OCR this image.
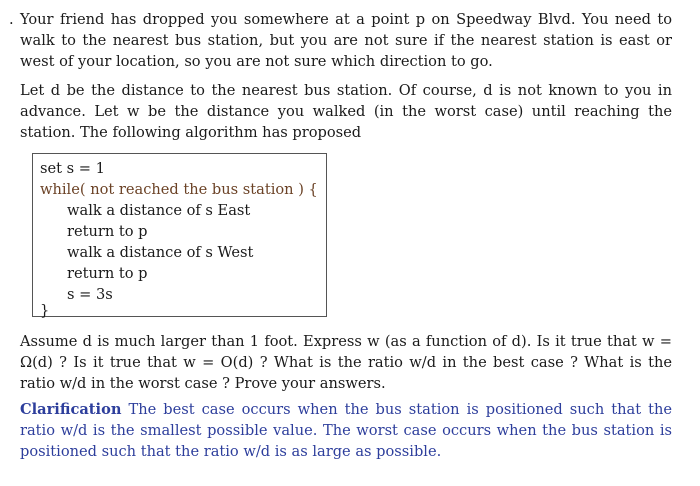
. Your friend has dropped you somewhere at a point p on Speedway Blvd. You need to walk to the nearest bus station, but you are not sure if the nearest station is east or west of your location, so you are not sure which direction to go.

Let d be the distance to the nearest bus station. Of course, d is not known to you in advance. Let w be the distance you walked (in the worst case) until reaching the station. The following algorithm has proposed

set s = 1
while( not reached the bus station ) {
walk a distance of s East
return to p
walk a distance of s West
return to p
s = 3s
}

Assume d is much larger than 1 foot. Express w (as a function of d). Is it true that w = Ω(d) ? Is it true that w = O(d) ? What is the ratio w/d in the best case ? What is the ratio w/d in the worst case ? Prove your answers.

Clarification The best case occurs when the bus station is positioned such that the ratio w/d is the smallest possible value. The worst case occurs when the bus station is positioned such that the ratio w/d is as large as possible.
